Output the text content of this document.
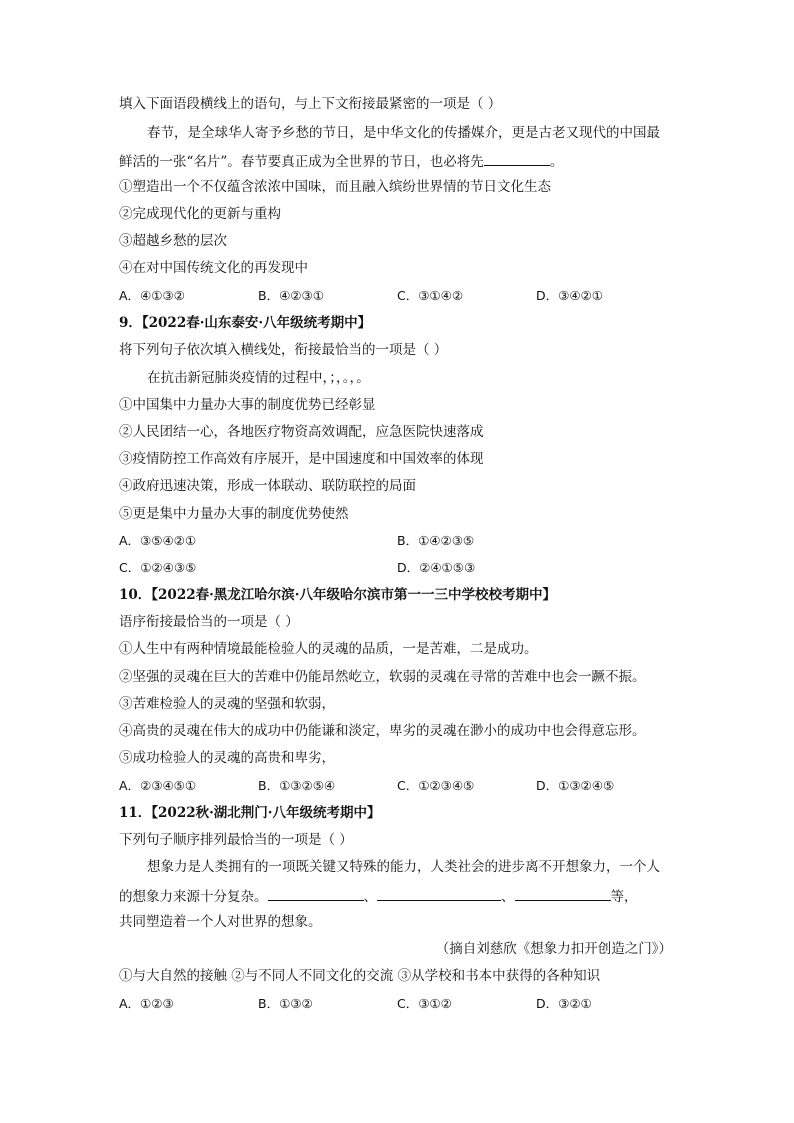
填入下面语段横线上的语句，与上下文衔接最紧密的一项是（ ）
春节，是全球华人寄予乡愁的节日，是中华文化的传播媒介，更是古老又现代的中国最
鲜活的一张“名片”。春节要真正成为全世界的节日，也必将先	。
①塑造出一个不仅蕴含浓浓中国味，而且融入缤纷世界情的节日文化生态
②完成现代化的更新与重构
③超越乡愁的层次
④在对中国传统文化的再发现中
A．④①③②	B．④②③①	C．③①④②	D．③④②①
9．【2022春·山东泰安·八年级统考期中】
将下列句子依次填入横线处，衔接最恰当的一项是（ ）
在抗击新冠肺炎疫情的过程中，；，。，。
①中国集中力量办大事的制度优势已经彰显
②人民团结一心，各地医疗物资高效调配，应急医院快速落成
③疫情防控工作高效有序展开，是中国速度和中国效率的体现
④政府迅速决策，形成一体联动、联防联控的局面
⑤更是集中力量办大事的制度优势使然
A．③⑤④②①	B．①④②③⑤
C．①②④③⑤	D．②④①⑤③
10．【2022春·黑龙江哈尔滨·八年级哈尔滨市第一一三中学校校考期中】
语序衔接最恰当的一项是（ ）
①人生中有两种情境最能检验人的灵魂的品质，一是苦难，二是成功。
②坚强的灵魂在巨大的苦难中仍能昂然屹立，软弱的灵魂在寻常的苦难中也会一蹶不振。
③苦难检验人的灵魂的坚强和软弱，
④高贵的灵魂在伟大的成功中仍能谦和淡定，卑劣的灵魂在渺小的成功中也会得意忘形。
⑤成功检验人的灵魂的高贵和卑劣，
A．②③④⑤①	B．①③②⑤④	C．①②③④⑤	D．①③②④⑤
11．【2022秋·湖北荆门·八年级统考期中】
下列句子顺序排列最恰当的一项是（ ）
想象力是人类拥有的一项既关键又特殊的能力，人类社会的进步离不开想象力，一个人
的想象力来源十分复杂。	、	、	等，
共同塑造着一个人对世界的想象。
（摘自刘慈欣《想象力扣开创造之门》）
①与大自然的接触 ②与不同人不同文化的交流 ③从学校和书本中获得的各种知识
A．①②③	B．①③②	C．③①②	D．③②①
